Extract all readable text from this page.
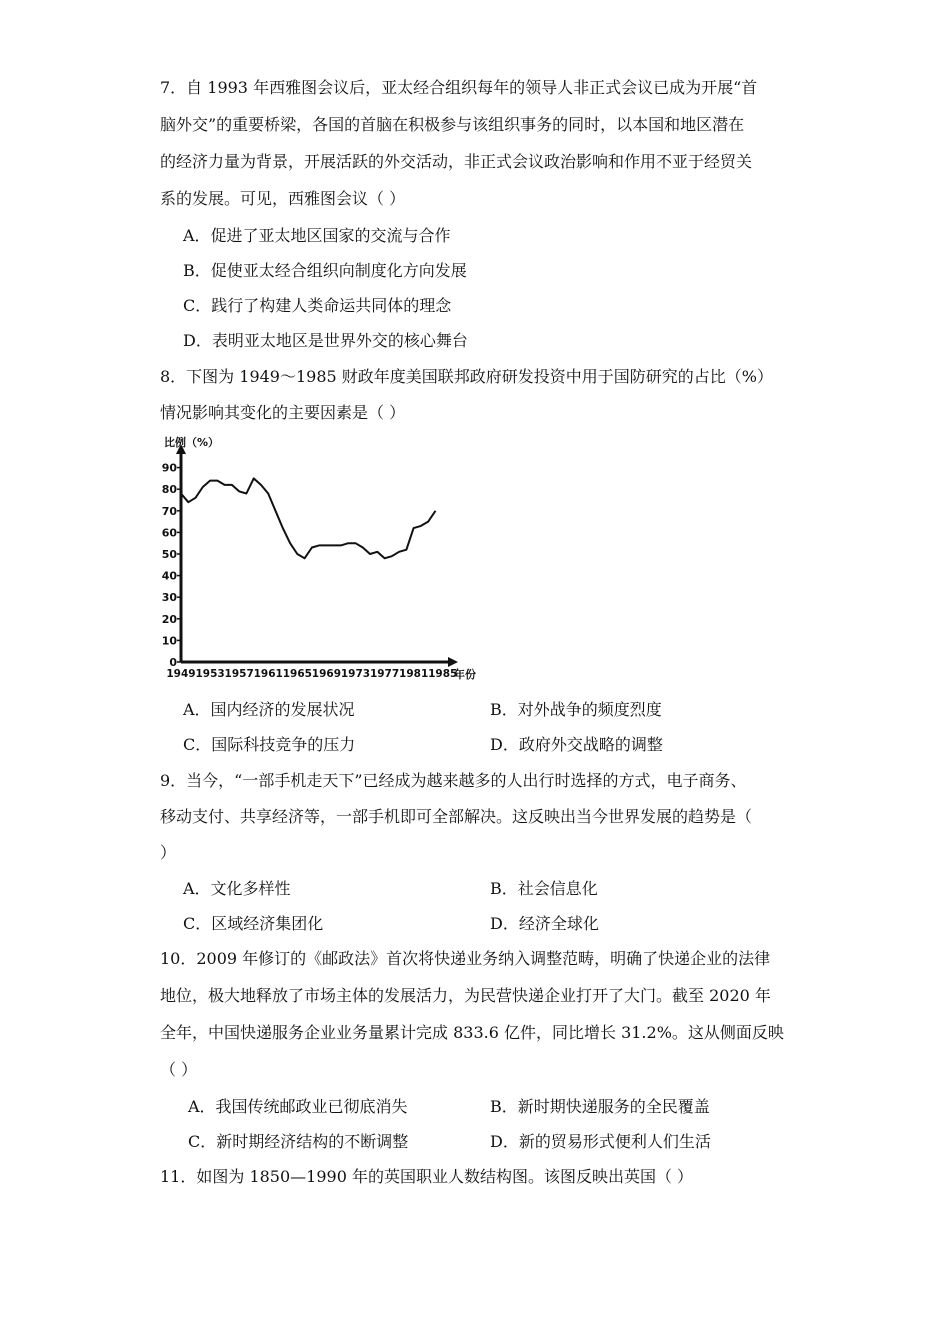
7．自 1993 年西雅图会议后，亚太经合组织每年的领导人非正式会议已成为开展“首
脑外交”的重要桥梁，各国的首脑在积极参与该组织事务的同时，以本国和地区潜在
的经济力量为背景，开展活跃的外交活动，非正式会议政治影响和作用不亚于经贸关
系的发展。可见，西雅图会议（ ）
A．促进了亚太地区国家的交流与合作
B．促使亚太经合组织向制度化方向发展
C．践行了构建人类命运共同体的理念
D．表明亚太地区是世界外交的核心舞台
8．下图为 1949～1985 财政年度美国联邦政府研发投资中用于国防研究的占比（%）
情况影响其变化的主要因素是（ ）
0
10
20
30
40
50
60
70
80
90
1949 1953 1957 1961 1965 1969 1973 1977 1981 1985
比例（%）
年份
A．国内经济的发展状况	B．对外战争的频度烈度
C．国际科技竞争的压力	D．政府外交战略的调整
9．当今，“一部手机走天下”已经成为越来越多的人出行时选择的方式，电子商务、
移动支付、共享经济等，一部手机即可全部解决。这反映出当今世界发展的趋势是（
）
A．文化多样性	B．社会信息化
C．区域经济集团化	D．经济全球化
10．2009 年修订的《邮政法》首次将快递业务纳入调整范畴，明确了快递企业的法律
地位，极大地释放了市场主体的发展活力，为民营快递企业打开了大门。截至 2020 年
全年，中国快递服务企业业务量累计完成 833.6 亿件，同比增长 31.2%。这从侧面反映
（ ）
A．我国传统邮政业已彻底消失	B．新时期快递服务的全民覆盖
C．新时期经济结构的不断调整	D．新的贸易形式便利人们生活
11．如图为 1850—1990 年的英国职业人数结构图。该图反映出英国（ ）
